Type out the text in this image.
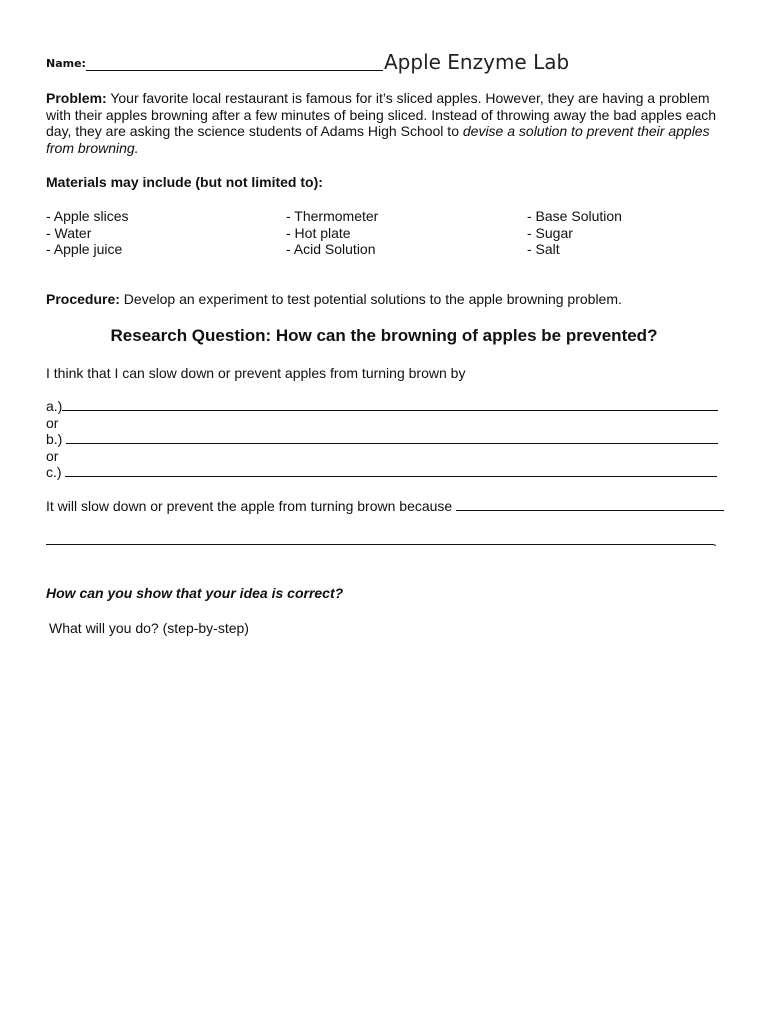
Name:	Apple Enzyme Lab
Problem: Your favorite local restaurant is famous for it’s sliced apples. However, they are having a problem with their apples browning after a few minutes of being sliced. Instead of throwing away the bad apples each day, they are asking the science students of Adams High School to devise a solution to prevent their apples from browning.
Materials may include (but not limited to):
- Apple slices
- Water
- Apple juice
- Thermometer
- Hot plate
- Acid Solution
- Base Solution
- Sugar
- Salt
Procedure: Develop an experiment to test potential solutions to the apple browning problem.
Research Question: How can the browning of apples be prevented?
I think that I can slow down or prevent apples from turning brown by
a.)
or
b.)
or
c.)
It will slow down or prevent the apple from turning brown because
.
How can you show that your idea is correct?
What will you do? (step-by-step)
